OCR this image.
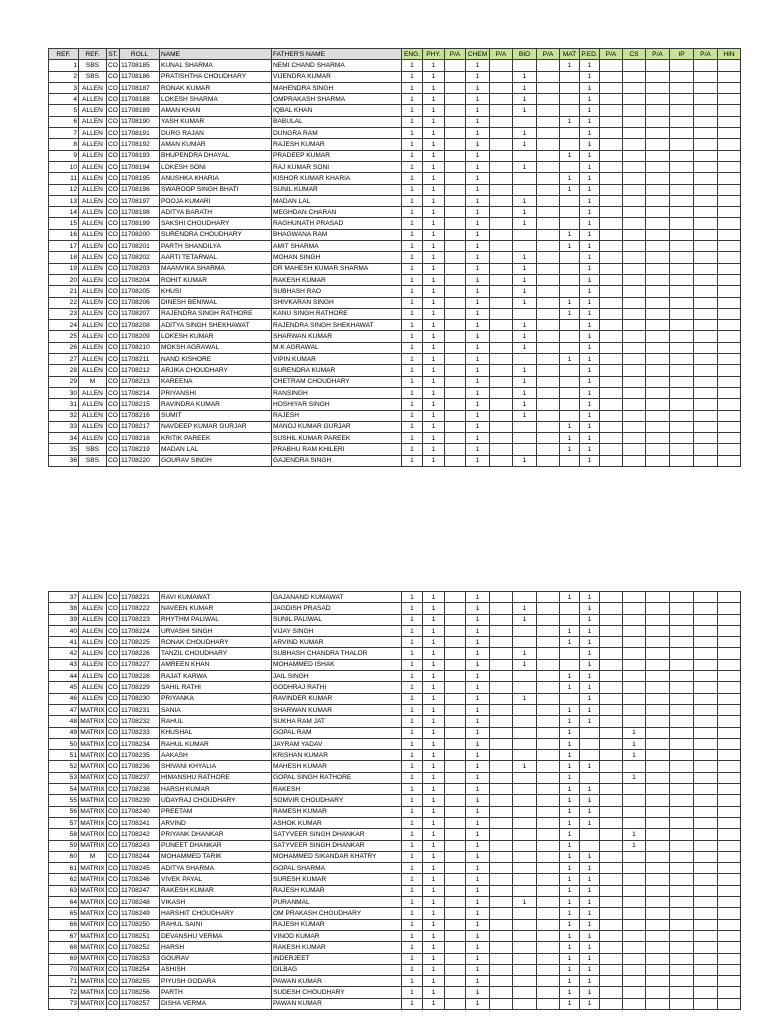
REF.	REF.	ST.	ROLL	NAME	FATHER'S NAME	ENG.	PHY.	P/A	CHEM	P/A	BIO	P/A	MAT	P.ED.	P/A	CS	P/A	IP	P/A	HIN
1	SBS	CO	11708185	KUNAL SHARMA	NEMI CHAND SHARMA	1	1		1				1	1						
2	SBS	CO	11708186	PRATISHTHA CHOUDHARY	VIJENDRA KUMAR	1	1		1		1			1						
3	ALLEN	CO	11708187	RONAK KUMAR	MAHENDRA SINGH	1	1		1		1			1						
4	ALLEN	CO	11708188	LOKESH SHARMA	OMPRAKASH SHARMA	1	1		1		1			1						
5	ALLEN	CO	11708189	AMAN KHAN	IQBAL KHAN	1	1		1		1			1						
6	ALLEN	CO	11708190	YASH KUMAR	BABULAL	1	1		1				1	1						
7	ALLEN	CO	11708191	DURG RAJAN	DUNGRA RAM	1	1		1		1			1						
8	ALLEN	CO	11708192	AMAN KUMAR	RAJESH KUMAR	1	1		1		1			1						
9	ALLEN	CO	11708193	BHUPENDRA DHAYAL	PRADEEP KUMAR	1	1		1				1	1						
10	ALLEN	CO	11708194	LOKESH SONI	RAJ KUMAR SONI	1	1		1		1			1						
11	ALLEN	CO	11708195	ANUSHKA KHARIA	KISHOR KUMAR KHARIA	1	1		1				1	1						
12	ALLEN	CO	11708196	SWAROOP SINGH BHATI	SUNIL KUMAR	1	1		1				1	1						
13	ALLEN	CO	11708197	POOJA KUMARI	MADAN LAL	1	1		1		1			1						
14	ALLEN	CO	11708198	ADITYA BARATH	MEGHDAN CHARAN	1	1		1		1			1						
15	ALLEN	CO	11708199	SAKSHI CHOUDHARY	RAGHUNATH PRASAD	1	1		1		1			1						
16	ALLEN	CO	11708200	SURENDRA CHOUDHARY	BHAGWANA RAM	1	1		1				1	1						
17	ALLEN	CO	11708201	PARTH SHANDILYA	AMIT SHARMA	1	1		1				1	1						
18	ALLEN	CO	11708202	AARTI TETARWAL	MOHAN SINGH	1	1		1		1			1						
19	ALLEN	CO	11708203	MAANVIKA SHARMA	DR MAHESH KUMAR SHARMA	1	1		1		1			1						
20	ALLEN	CO	11708204	ROHIT KUMAR	RAKESH KUMAR	1	1		1		1			1						
21	ALLEN	CO	11708205	KHUSI	SUBHASH RAO	1	1		1		1			1						
22	ALLEN	CO	11708206	DINESH BENIWAL	SHIVKARAN SINGH	1	1		1		1		1	1						
23	ALLEN	CO	11708207	RAJENDRA SINGH RATHORE	KANU SINGH RATHORE	1	1		1				1	1						
24	ALLEN	CO	11708208	ADITYA SINGH SHEKHAWAT	RAJENDRA SINGH SHEKHAWAT	1	1		1		1			1						
25	ALLEN	CO	11708209	LOKESH KUMAR	SHARWAN KUMAR	1	1		1		1			1						
26	ALLEN	CO	11708210	MOKSH AGRAWAL	M.K AGRAWAL	1	1		1		1			1						
27	ALLEN	CO	11708211	NAND KISHORE	VIPIN KUMAR	1	1		1				1	1						
28	ALLEN	CO	11708212	ARJIKA CHOUDHARY	SURENDRA KUMAR	1	1		1		1			1						
29	M	CO	11708213	KAREENA	CHETRAM CHOUDHARY	1	1		1		1			1						
30	ALLEN	CO	11708214	PRIYANSHI	RANSINGH	1	1		1		1			1						
31	ALLEN	CO	11708215	RAVINDRA KUMAR	HOSHIYAR SINGH	1	1		1		1			1						
32	ALLEN	CO	11708216	SUMIT	RAJESH	1	1		1		1			1						
33	ALLEN	CO	11708217	NAVDEEP KUMAR GURJAR	MANOJ KUMAR GURJAR	1	1		1				1	1						
34	ALLEN	CO	11708218	KRITIK PAREEK	SUSHIL KUMAR PAREEK	1	1		1				1	1						
35	SBS	CO	11708219	MADAN LAL	PRABHU RAM KHILERI	1	1		1				1	1						
36	SBS	CO	11708220	GOURAV SINGH	GAJENDRA SINGH	1	1		1		1			1						
37	ALLEN	CO	11708221	RAVI KUMAWAT	GAJANAND KUMAWAT	1	1		1				1	1						
38	ALLEN	CO	11708222	NAVEEN KUMAR	JAGDISH PRASAD	1	1		1		1			1						
39	ALLEN	CO	11708223	RHYTHM PALIWAL	SUNIL PALIWAL	1	1		1		1			1						
40	ALLEN	CO	11708224	URVASHI SINGH	VIJAY SINGH	1	1		1				1	1						
41	ALLEN	CO	11708225	RONAK CHOUDHARY	ARVIND KUMAR	1	1		1				1	1						
42	ALLEN	CO	11708226	TANZIL CHOUDHARY	SUBHASH CHANDRA THALOR	1	1		1		1			1						
43	ALLEN	CO	11708227	AMREEN KHAN	MOHAMMED ISHAK	1	1		1		1			1						
44	ALLEN	CO	11708228	RAJAT KARWA	JAIL SINGH	1	1		1				1	1						
45	ALLEN	CO	11708229	SAHIL RATHI	GODHRAJ RATHI	1	1		1				1	1						
46	ALLEN	CO	11708230	PRIYANKA	RAVINDER KUMAR	1	1		1		1			1						
47	MATRIX	CO	11708231	SANIA	SHARWAN KUMAR	1	1		1				1	1						
48	MATRIX	CO	11708232	RAHUL	SUKHA RAM JAT	1	1		1				1	1						
49	MATRIX	CO	11708233	KHUSHAL	GOPAL RAM	1	1		1				1			1				
50	MATRIX	CO	11708234	RAHUL KUMAR	JAYRAM YADAV	1	1		1				1			1				
51	MATRIX	CO	11708235	AAKASH	KRISHAN KUMAR	1	1		1				1			1				
52	MATRIX	CO	11708236	SHIVANI KHYALIA	MAHESH KUMAR	1	1		1		1		1	1						
53	MATRIX	CO	11708237	HIMANSHU RATHORE	GOPAL SINGH RATHORE	1	1		1				1			1				
54	MATRIX	CO	11708238	HARSH KUMAR	RAKESH	1	1		1				1	1						
55	MATRIX	CO	11708239	UDAYRAJ CHOUDHARY	SOMVIR CHOUDHARY	1	1		1				1	1						
56	MATRIX	CO	11708240	PREETAM	RAMESH KUMAR	1	1		1				1	1						
57	MATRIX	CO	11708241	ARVIND	ASHOK KUMAR	1	1		1				1	1						
58	MATRIX	CO	11708242	PRIYANK DHANKAR	SATYVEER SINGH DHANKAR	1	1		1				1			1				
59	MATRIX	CO	11708243	PUNEET DHANKAR	SATYVEER SINGH DHANKAR	1	1		1				1			1				
60	M	CO	11708244	MOHAMMED TARIK	MOHAMMED SIKANDAR KHATRY	1	1		1				1	1						
61	MATRIX	CO	11708245	ADITYA SHARMA	GOPAL SHARMA	1	1		1				1	1						
62	MATRIX	CO	11708246	VIVEK PAYAL	SURESH KUMAR	1	1		1				1	1						
63	MATRIX	CO	11708247	RAKESH KUMAR	RAJESH KUMAR	1	1		1				1	1						
64	MATRIX	CO	11708248	VIKASH	PURANMAL	1	1		1		1		1	1						
65	MATRIX	CO	11708249	HARSHIT CHOUDHARY	OM PRAKASH CHOUDHARY	1	1		1				1	1						
66	MATRIX	CO	11708250	RAHUL SAINI	RAJESH KUMAR	1	1		1				1	1						
67	MATRIX	CO	11708251	DEVANSHU VERMA	VINOD KUMAR	1	1		1				1	1						
68	MATRIX	CO	11708252	HARSH	RAKESH KUMAR	1	1		1				1	1						
69	MATRIX	CO	11708253	GOURAV	INDERJEET	1	1		1				1	1						
70	MATRIX	CO	11708254	ASHISH	DILBAG	1	1		1				1	1						
71	MATRIX	CO	11708255	PIYUSH GODARA	PAWAN KUMAR	1	1		1				1	1						
72	MATRIX	CO	11708256	PARTH	SUDESH CHOUDHARY	1	1		1				1	1						
73	MATRIX	CO	11708257	DISHA VERMA	PAWAN KUMAR	1	1		1				1	1						
